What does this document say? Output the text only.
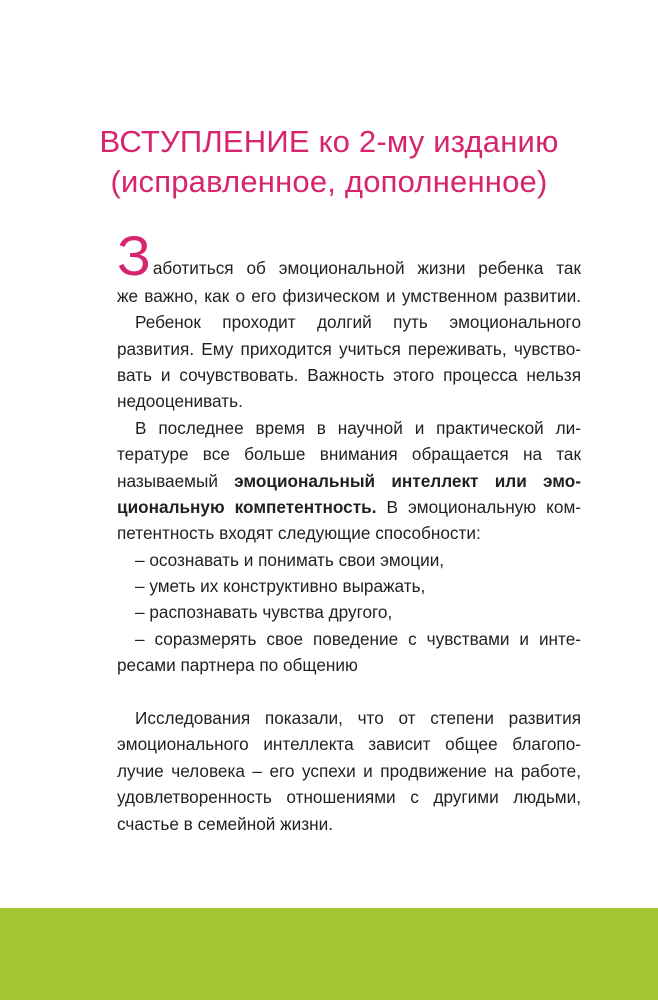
ВСТУПЛЕНИЕ ко 2-му изданию
(исправленное, дополненное)
З аботиться об эмоциональной жизни ребенка так
же важно, как о его физическом и умственном развитии.
Ребенок проходит долгий путь эмоционального
развития. Ему приходится учиться переживать, чувство-
вать и сочувствовать. Важность этого процесса нельзя
недооценивать.
В последнее время в научной и практической ли-
тературе все больше внимания обращается на так
называемый эмоциональный интеллект или эмо-
циональную компетентность. В эмоциональную ком-
петентность входят следующие способности:
– осознавать и понимать свои эмоции,
– уметь их конструктивно выражать,
– распознавать чувства другого,
– соразмерять свое поведение с чувствами и инте-
ресами партнера по общению
Исследования показали, что от степени развития
эмоционального интеллекта зависит общее благопо-
лучие человека – его успехи и продвижение на работе,
удовлетворенность отношениями с другими людьми,
счастье в семейной жизни.
